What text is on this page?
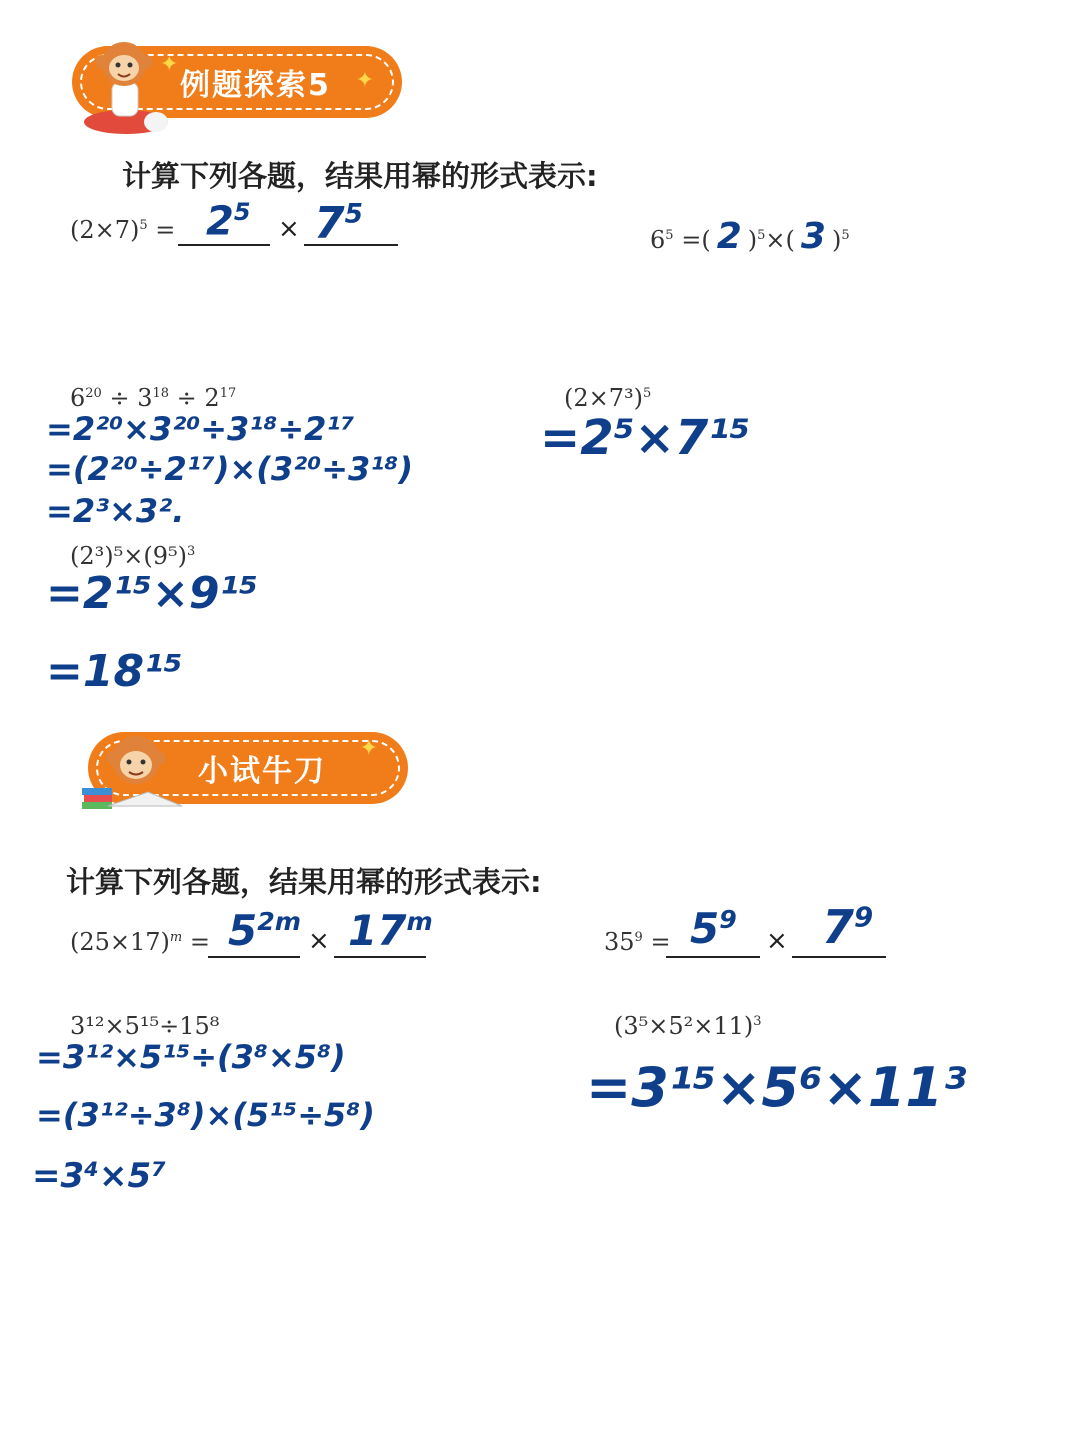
例题探索5
✦
✦
计算下列各题，结果用幂的形式表示:
$(2\times 7)^5 = 2^5$
× $7^5$
$6^5$ =( 2 )$^5$×( 3 )$^5$
$6^{20} \div 3^{18} \div 2^{17}$
=2²⁰×3²⁰÷3¹⁸÷2¹⁷
=(2²⁰÷2¹⁷)×(3²⁰÷3¹⁸)
=2³×3².
$(2\times 7^3)^5$
=2⁵×7¹⁵
$(2^3)^5\times(9^5)^3$
=2¹⁵×9¹⁵
=18¹⁵
小试牛刀
✦
计算下列各题，结果用幂的形式表示:
$(25\times 17)^m = 5^{2m}$
× $17^m$
$35^9 = 5^9$
× $7^9$
3¹²×5¹⁵÷15⁸
=3¹²×5¹⁵÷(3⁸×5⁸)
=(3¹²÷3⁸)×(5¹⁵÷5⁸)
=3⁴×5⁷
$(3^5\times 5^2\times 11)^3$
=3¹⁵×5⁶×11³
